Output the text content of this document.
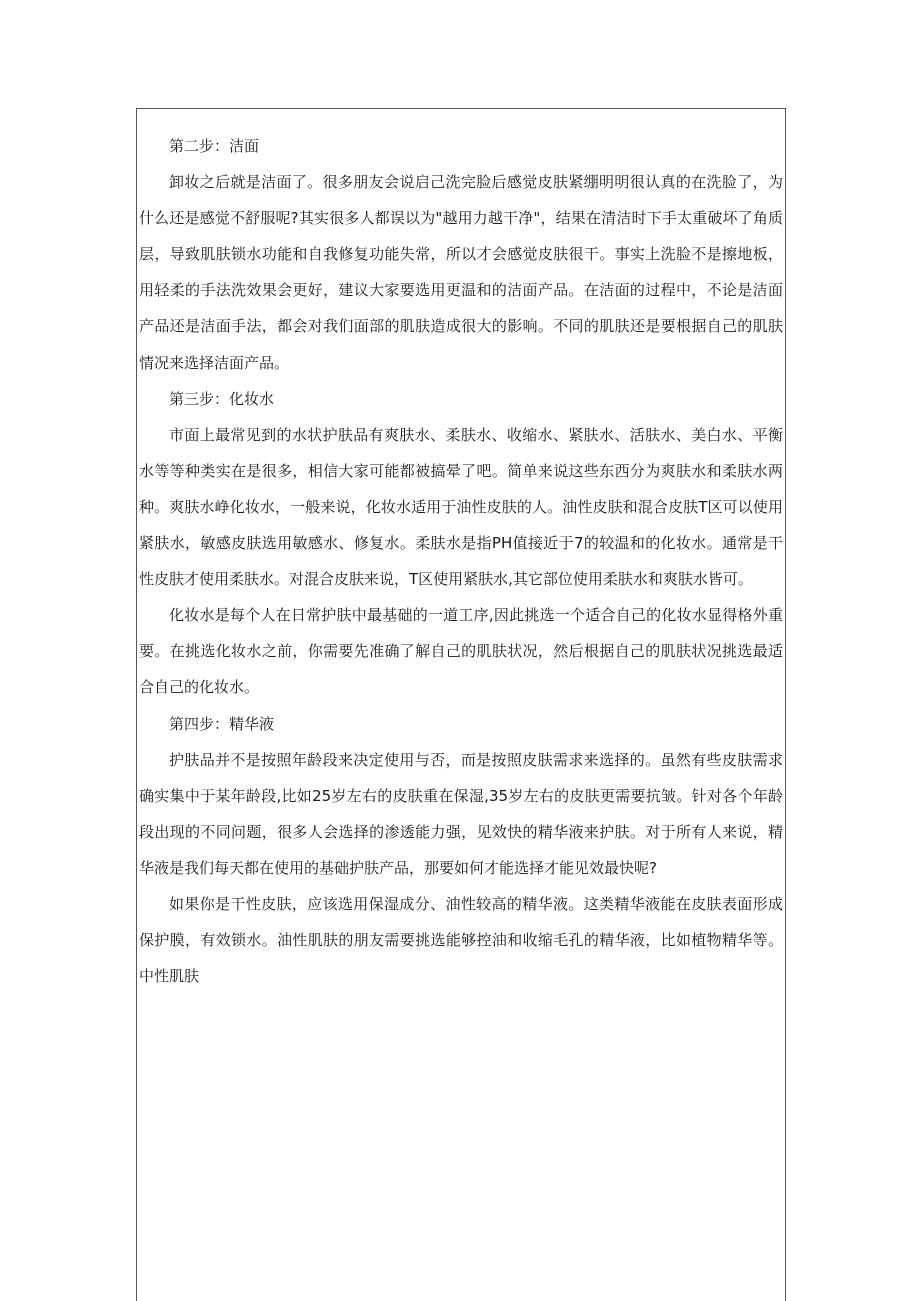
第二步：洁面

卸妆之后就是洁面了。很多朋友会说启己洗完脸后感觉皮肤紧绷明明很认真的在洗脸了，为什么还是感觉不舒服呢?其实很多人都误以为"越用力越干净"，结果在清洁时下手太重破坏了角质层，导致肌肤锁水功能和自我修复功能失常，所以才会感觉皮肤很干。事实上洗脸不是擦地板，用轻柔的手法洗效果会更好，建议大家要选用更温和的洁面产品。在洁面的过程中，不论是洁面产品还是洁面手法，都会对我们面部的肌肤造成很大的影响。不同的肌肤还是要根据自己的肌肤情况来选择洁面产品。

第三步：化妆水

市面上最常见到的水状护肤品有爽肤水、柔肤水、收缩水、紧肤水、活肤水、美白水、平衡水等等种类实在是很多，相信大家可能都被搞晕了吧。简单来说这些东西分为爽肤水和柔肤水两种。爽肤水峥化妆水，一般来说，化妆水适用于油性皮肤的人。油性皮肤和混合皮肤T区可以使用紧肤水，敏感皮肤选用敏感水、修复水。柔肤水是指PH值接近于7的较温和的化妆水。通常是干性皮肤才使用柔肤水。对混合皮肤来说，T区使用紧肤水,其它部位使用柔肤水和爽肤水皆可。

化妆水是每个人在日常护肤中最基础的一道工序,因此挑选一个适合自己的化妆水显得格外重要。在挑选化妆水之前，你需要先准确了解自己的肌肤状况，然后根据自己的肌肤状况挑选最适合自己的化妆水。

第四步：精华液

护肤品并不是按照年龄段来决定使用与否，而是按照皮肤需求来选择的。虽然有些皮肤需求确实集中于某年龄段,比如25岁左右的皮肤重在保湿,35岁左右的皮肤更需要抗皱。针对各个年龄段出现的不同问题，很多人会选择的渗透能力强，见效快的精华液来护肤。对于所有人来说，精华液是我们每天都在使用的基础护肤产品，那要如何才能选择才能见效最快呢?

如果你是干性皮肤，应该选用保湿成分、油性较高的精华液。这类精华液能在皮肤表面形成保护膜，有效锁水。油性肌肤的朋友需要挑选能够控油和收缩毛孔的精华液，比如植物精华等。中性肌肤
